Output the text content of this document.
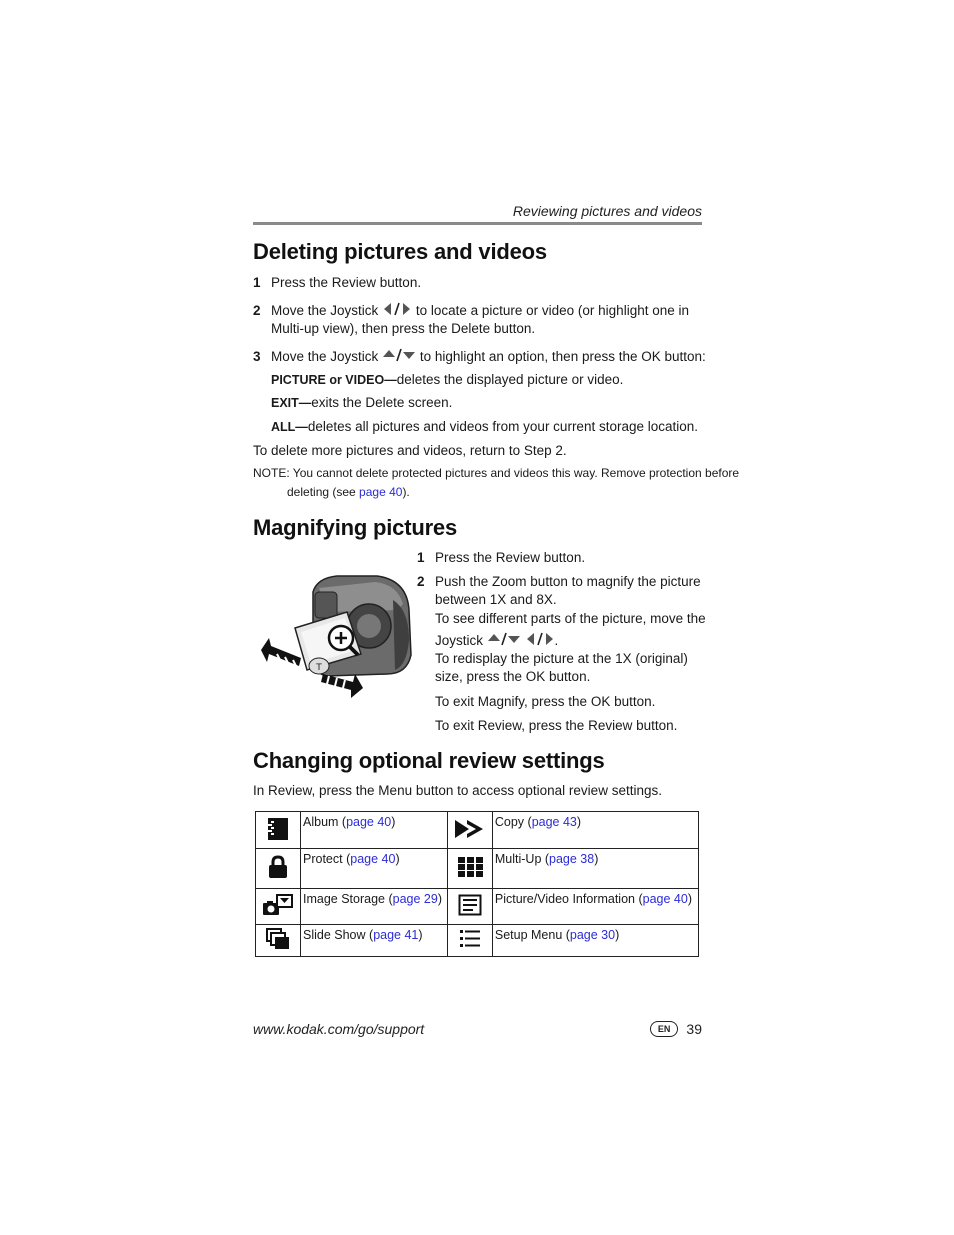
Reviewing pictures and videos
Deleting pictures and videos
1 Press the Review button.
2 Move the Joystick	to locate a picture or video (or highlight one in
Multi-up view), then press the Delete button.
3 Move the Joystick	to highlight an option, then press the OK button:
PICTURE or VIDEO—deletes the displayed picture or video.
EXIT—exits the Delete screen.
ALL—deletes all pictures and videos from your current storage location.
To delete more pictures and videos, return to Step 2.
NOTE: You cannot delete protected pictures and videos this way. Remove protection before
deleting (see page 40).
Magnifying pictures
T
1 Press the Review button.
2 Push the Zoom button to magnify the picture
between 1X and 8X.
To see different parts of the picture, move the
Joystick	.
To redisplay the picture at the 1X (original)
size, press the OK button.
To exit Magnify, press the OK button.
To exit Review, press the Review button.
Changing optional review settings
In Review, press the Menu button to access optional review settings.
	Album (page 40)		Copy (page 43)
	Protect (page 40)		Multi-Up (page 38)
	Image Storage (page 29)		Picture/Video Information (page 40)
	Slide Show (page 41)		Setup Menu (page 30)
www.kodak.com/go/support	EN	39
